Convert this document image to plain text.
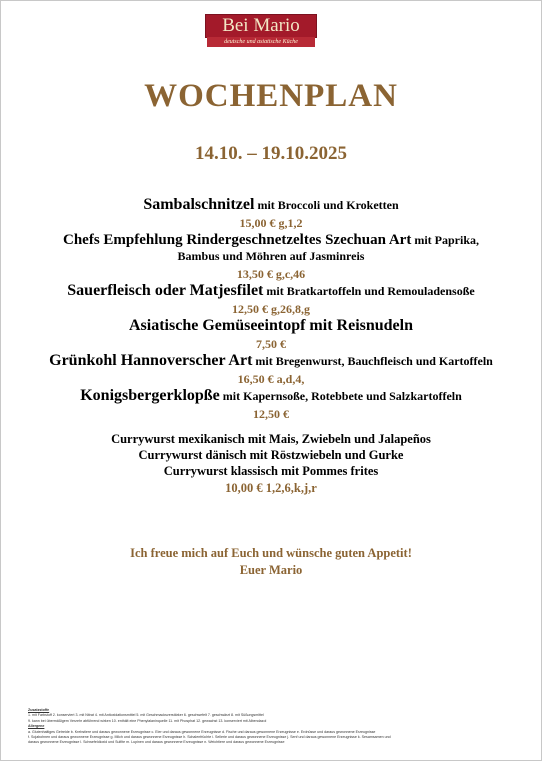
Bei Mario
deutsche und asiatische Küche
WOCHENPLAN
14.10. – 19.10.2025

Sambalschnitzel mit Broccoli und Kroketten

15,00 € g,1,2

Chefs Empfehlung Rindergeschnetzeltes Szechuan Art mit Paprika,

Bambus und Möhren auf Jasminreis

13,50 € g,c,46

Sauerfleisch oder Matjesfilet mit Bratkartoffeln und Remouladensoße

12,50 € g,26,8,g

Asiatische Gemüseeintopf mit Reisnudeln

7,50 €

Grünkohl Hannoverscher Art mit Bregenwurst, Bauchfleisch und Kartoffeln

16,50 € a,d,4,

Konigsbergerklopße mit Kapernsoße, Rotebbete und Salzkartoffeln

12,50 €

Currywurst mexikanisch mit Mais, Zwiebeln und Jalapeños

Currywurst dänisch mit Röstzwiebeln und Gurke

Currywurst klassisch mit Pommes frites

10,00 € 1,2,6,k,j,r

Ich freue mich auf Euch und wünsche guten Appetit!

Euer Mario

Zusatzstoffe

1. mit Farbstoff 2. konserviert 3. mit Nitrat 4. mit Antioxidationsmittel 5. mit Geschmacksverstärker 6. geschwefelt 7. geschwärzt 8. mit Süßungsmittel

9. kann bei übermäßigem Verzehr abführend wirken 10. enthält eine Phenylalaninquelle 11. mit Phosphat 12. gewachst 13. konserviert mit Albendazol

Allergene

a. Glutenhaltiges Getreide b. Krebstiere und daraus gewonnene Erzeugnisse c. Eier und daraus gewonnene Erzeugnisse d. Fische und daraus gewonnene Erzeugnisse e. Erdnüsse und daraus gewonnene Erzeugnisse

f. Sojabohnen und daraus gewonnene Erzeugnisse g. Milch und daraus gewonnene Erzeugnisse h. Schalenfrüchte i. Sellerie und daraus gewonnene Erzeugnisse j. Senf und daraus gewonnene Erzeugnisse k. Sesamsamen und

daraus gewonnene Erzeugnisse l. Schwefeldioxid und Sulfite m. Lupinen und daraus gewonnene Erzeugnisse n. Weichtiere und daraus gewonnene Erzeugnisse
